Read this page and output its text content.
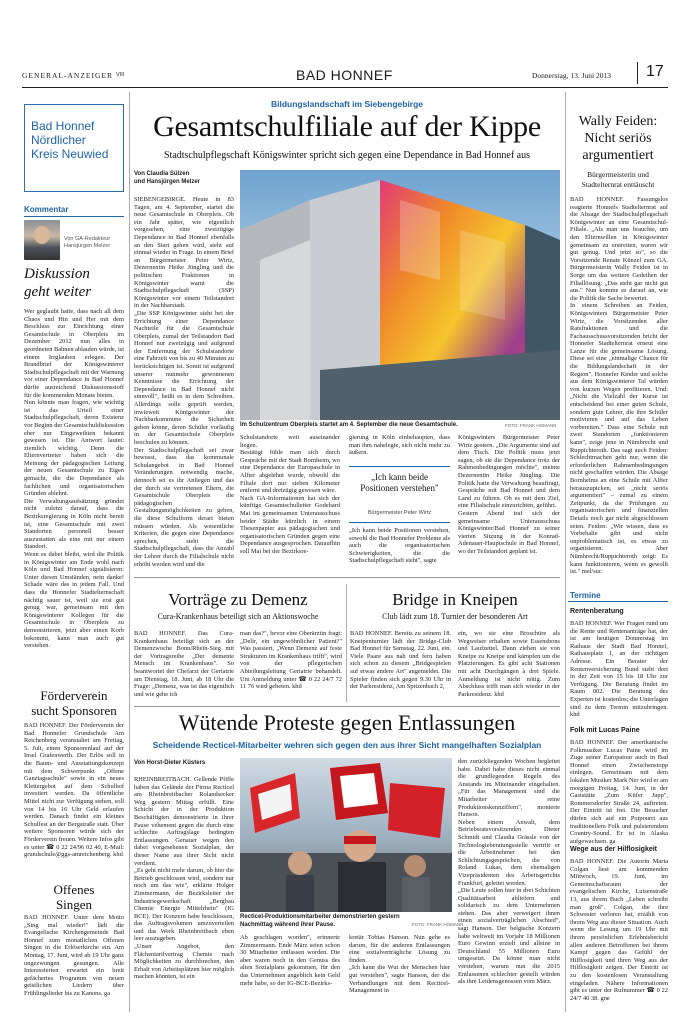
GENERAL-ANZEIGER VIII	BAD HONNEF	Donnerstag, 13. Juni 2013 17
Bad Honnef
Nördlicher
Kreis Neuwied
Kommentar
Von GA-Redakteur Hansjürgen Melzer
Diskussion
geht weiter
Wer geglaubt hatte, dass nach all dem Chaos und Hin und Her mit dem Beschluss zur Einrichtung einer Gesamtschule in Oberpleis im Dezember 2012 nun alles in geordneten Bahnen ablaufen würde, ist einem Irrglauben erlegen. Der Brandbrief der Königswinterer Stadtschulpflegschaft mit der Warnung vor einer Dependance in Bad Honnef dürfte ausreichend Diskussionsstoff für die kommenden Monate bieten.
Nun könnte man fragen, wie wichtig ist das Urteil einer Stadtschulpflegschaft, deren Existenz vor Beginn der Gesamtschuldiskussion eher nur Eingeweihten bekannt gewesen ist. Die Antwort lautet: ziemlich wichtig. Denn die Elternvertreter haben sich die Meinung der pädagogischen Leitung der neuen Gesamtschule zu Eigen gemacht, die die Dependance als fachlichen und organisatorischen Gründen ablehnt.
Die Verwaltungsaufsätzung gründet nicht zuletzt darauf, dass die Bezirksregierung in Köln nicht bereit ist, eine Gesamtschule mit zwei Standorten personell besser auszustatten als eine mit nur einem Standort.
Wenn es dabei bleibt, wird die Politik in Königswinter am Ende wohl nach Köln und Bad Honnef signalisieren: Unter diesen Umständen, nein danke! Schade wäre das in jedem Fall. Und dass die Honnefer Stadtelternschaft nächtig sauer ist, weil sie erst gut genug war, gemeinsam mit den Königswinterer Kollegen für die Gesamtschule in Oberpleis zu demonstrieren, jetzt aber einen Korb bekommt, kann man auch gut verstehen.
Förderverein
sucht Sponsoren
BAD HONNEF. Der Förderverein der Bad Honnefer Grundschule Am Reichenberg veranstaltet am Freitag, 5. Juli, einen Sponsorenlauf auf der Insel Grafenwerth. Der Erlös soll in die Baum- und Ausstattungskonzept mit dem Schwerpunkt „Offene Ganztagsschule" sowie in ein neues Klettergebot auf dem Schulhof investiert werden. Da öffentliche Mittel nicht zur Verfügung stehen, soll von 14 bis 16 Uhr Geld erlaufen werden. Danach findet ein kleines Schulfest an der Bergstraße statt. Über weitere Sponsoren würde sich der Förderverein freuen. Weitere Infos gibt es unter ☎ 0 22 24/96 02 40, E-Mail: grundschule@ggs-amreichenberg. khd
Offenes
Singen
BAD HONNEF. Unter dem Motto „Sing mal wieder!" lädt die Evangelische Kirchengemeinde Bad Honnef zum monatlichen Offenen Singen in die Erlöserkirche ein. Am Montag, 17. Juni, wird ab 19 Uhr ganz ungezwungen gesungen. Alle Interessierten erwartet ein breit gefächertes Programm von neuen geistlichen Liedern über Frühlingslieder bis zu Kanons. ga
Bildungslandschaft im Siebengebirge
Gesamtschulfiliale auf der Kippe
Stadtschulpflegschaft Königswinter spricht sich gegen eine Dependance in Bad Honnef aus
Von Claudia Sülzen
und Hansjürgen Melzer
SIEBENGEBIRGE. Heute in 83 Tagen, am 4. September, startet die neue Gesamtschule in Oberpleis. Ob ein Jahr später, wie eigentlich vorgesehen, eine zweizügige Dependance in Bad Honnef ebenfalls an den Start gehen wird, steht auf einmal wieder in Frage. In einem Brief an Bürgermeister Peter Wirtz, Dezernentin Heike Jüngling und die politischen Fraktionen in Königswinter warnt die Stadtschulpflegschaft (SSP) Königswinter vor einem Teilstandort in der Nachbarstadt.
„Die SSP Königswinter sieht bei der Errichtung einer Dependance Nachteile für die Gesamtschule Oberpleis, zumal der Teilstandort Bad Honnef nur zweizügig und aufgrund der Entfernung der Schulstandorte eine Fahrzeit von bis zu 40 Minuten zu berücksichtigen ist. Somit ist aufgrund unserer nunmehr gewonnenen Kenntnisse die Errichtung der Dependance in Bad Honnef nicht sinnvoll", heißt es in dem Schreiben. Allerdings solle geprüft werden, inwieweit Königswinter der Nachbarkommune die Sicherheit geben könne, deren Schüler vorläufig in der Gesamtschule Oberpleis beschulen zu können.
Der Stadtschulpflegschaft sei zwar bewusst, dass das kommunale Schulangebot in Bad Honnef Veränderungen notwendig mache, dennoch sei es ihr Anliegen und das der durch sie vertretenen Eltern, die Gesamtschule Oberpleis die pädagogischen Gestaltungsmöglichkeiten zu geben, die diese Schulform derart bieten müssen würden. Als wesentliche Kriterien, die gegen eine Dependance sprechen, sieht die Stadtschulpflegschaft, dass die Anzahl der Lehrer durch die Filialschule nicht erhöht werden wird und die
Im Schulzentrum Oberpleis startet am 4. September die neue Gesamtschule.	FOTO: FRANK HOMANN
Schulstandorte weit auseinander liegen.
Bestätigt fühle man sich durch Gespräche mit der Stadt Bornheim, wo eine Dependance der Europaschule in Alfter abgelehnt wurde, obwohl die Filiale dort nur sieben Kilometer entfernt und dreizügig gewesen wäre.
Nach GA-Informationen hat sich der künftige Gesamtschulleiter Godehard Mai im gemeinsamen Unterausschuss beider Städte kürzlich in einem Thesenpapier aus pädagogischen und organisatorischen Gründen gegen eine Dependance ausgesprochen. Daraufhin soll Mai bei der Bezirksre-
gierung in Köln einbehaupten, dass man ihm nahelegte, sich nicht mehr zu äußern.
„Ich kann beide Positionen verstehen"
Bürgermeister Peter Wirtz
„Ich kann beide Positionen verstehen, sowohl die Bad Honnefer Probleme als auch die organisatorischen Schwierigkeiten, die die Stadtschulpflegschaft sieht", sagte
Königswinters Bürgermeister Peter Wirtz gestern. „Die Argumente sind auf dem Tisch. Die Politik muss jetzt sagen, ob sie die Dependance trotz der Rahmenbedingungen möchte", meinte Dezernentin Heike Jüngling. Die Politik hatte die Verwaltung beauftragt, Gespräche mit Bad Honnef und dem Land zu führen. Ob es mit dem Ziel, eine Filialschule einzurichten, geführt.
Gestern Abend traf sich der gemeinsame Unterausschuss Königswinter/Bad Honnef zu seiner vierten Sitzung in der Konrad-Adenauer-Hauptschule in Bad Honnef, wo der Teilstandort geplant ist.
Wally Feiden:
Nicht seriös
argumentiert
Bürgermeisterin und
Stadtelternrat enttäuscht
BAD HONNEF. Fassungslos reagierte Honnefs Stadtelternrat auf die Absage der Stadtschulpflegschaft Königswinter an eine Gesamtschul-Filiale. „Als man uns brauchte, um den Elternwillen in Königswinter gemeinsam zu erstreiten, waren wir gut genug. Und jetzt so", so die Vorsitzende Renate Künzel zum GA. Bürgermeisterin Wally Feiden ist in Sorge um das weitere Gedeihen der Filiallösung: „Das steht gar nicht gut aus." Nun komme es darauf an, wie die Politik die Sache bewertet.
In einem Schreiben an Feiden, Königswinters Bürgermeister Peter Wirtz, die Vorsitzenden aller Ratsfraktionen und die Fachausschussvorsitzenden bricht der Honnefer Stadtelternrat erneut eine Lanze für die gemeinsame Lösung. Diese sei eine „einmalige Chance für die Bildungslandschaft in der Region". Honnefer Kinder und solche aus dem Königswinterer Tal würden von kurzen Wegen profitieren. Und: „Nicht die Vielzahl der Kurse ist entscheidend bei einer guten Schule, sondern gute Lehrer, die ihre Schüler motivieren und auf das Leben vorbereiten." Dass eine Schule mit zwei Standorten „funktionieren kann", zeige jene in Nümbrecht und Ruppichteroth. Das sagt auch Feiden: Schlechtmachen geht nur, wenn die erforderlichen Rahmenbedingungen nicht geschaffen würden. Die Absage Bornheims an eine Schule mit Alfter herauszupicken, sei „nicht seriös argumentiert" – zumal zu einem Zeitpunkt, da die Prüfungen zu organisatorischen und finanziellen Details noch gar nicht abgeschlossen seien. Feiden: „Wir wissen, dass es Vorbehalte gibt und nicht unproblematisch ist, es etwas zu organisieren. Aber Nümbrecht/Ruppichteroth zeigt: Es kann funktionieren, wenn es gewollt ist." mel/suc
Vorträge zu Demenz
Cura-Krankenhaus beteiligt sich an Aktionswoche
BAD HONNEF. Das Cura-Krankenhaus beteiligt sich an der Demenzwoche Bonn/Rhein-Sieg mit der Vortragsreihe „Der demente Mensch im Krankenhaus". So beantwortet der Chefarzt der Geriatrie am Dienstag, 18. Juni, ab 18 Uhr die Frage: „Demenz, was ist das eigentlich und wie gehe ich
man das?", bevor eine Oberärztin fragt: „Delir, ein ungewöhnlicher Patient?" Was passiert, „Wenn Demenz auf feste Strukturen im Krankenhaus trifft", wird von der pflegerischen Abteilungsleitung Geriatrie behandelt. Um Anmeldung unter ☎ 0 22 24/7 72 11 76 wird gebeten. khd
Bridge in Kneipen
Club lädt zum 18. Turnier der besonderen Art
BAD HONNEF. Bereits zu seinem 18. Kneipenturnier lädt der Bridge-Club Bad Honnef für Samstag, 22. Juni, ein. Viele Paare aus nah und fern haben sich schon zu diesem „Bridgespielen auf etwas andere Art" angemeldet. Die Spieler finden sich gegen 9.30 Uhr in der Parkresidenz, Am Spitzenbach 2,
ein, wo sie eine Broschüre als Wegweiser erhalten sowie Essensbons und Laufzettel. Dann ziehen sie von Kneipe zu Kneipe und kämpfen um die Platzierungen. Es gibt acht Stationen mit acht Durchgängen à drei Spiele. Anmeldung ist nicht nötig. Zum Abschluss trifft man sich wieder in der Parkresidenz. khd
Termine
Rentenberatung
BAD HONNEF. Wer Fragen rund um die Rente und Rentenanträge hat, der ist am heutigen Donnerstag im Rathaus der Stadt Bad Honnef, Rathausplatz 1, an der richtigen Adresse. Ein Berater der Rentenversicherung Bund steht dort in der Zeit von 15 bis 18 Uhr zur Verfügung. Die Beratung findet im Raum 002. Die Beratung des Experten ist kostenlos; die Unterlagen sind zu dem Termin mitzubringen. khd
Folk mit Lucas Paine
BAD HONNEF. Der amerikanische Folkmusiker Lucas Paine wird im Zuge seiner Europatour auch in Bad Honnef einen Zwischenstopp einlegen. Gemeinsam mit dem lokalen Musiker Mark Ner wird er am morgigen Freitag, 14. Juni, in der Gaststätte „Zum Küfer Jupp", Rommersdorfer Straße 24, auftreten. Der Eintritt ist frei. Die Besucher dürfen sich auf ein Potpourri aus traditionellem Folk und pulsierendem Country-Sound. Er ist in Alaska aufgewachsen. ga
Wege aus der Hilflosigkeit
BAD HONNEF. Die Autorin Maria Colgan liest am kommenden Mittwoch, 19. Juni, im Gemeinschaftsraum der evangelischen Kirche, Luisenstraße 13, aus ihrem Buch „Leben schreibt man groß". Colgan, die ihre Schwester verloren hat, erzählt von ihrem Weg aus dieser Situation. Auch wenn die Lesung um 19 Uhr mit ihrem persönlichen Erlebnisbericht allen anderen Betroffenen bei ihrem Kampf gegen das Gefühl der Hilflosigkeit und ihren Weg aus der Hilflosigkeit zeigen. Der Eintritt ist zu den kostenlosen Veranstaltung eingeladen. Nähere Informationen gibt es unter der Rufnummer ☎ 0 22 24/7 40 38. gne
Wütende Proteste gegen Entlassungen
Scheidende Recticel-Mitarbeiter wehren sich gegen den aus ihrer Sicht mangelhaften Sozialplan
Von Horst-Dieter Küsters
RHEINBREITBACH. Gellende Pfiffe haben das Gelände der Firma Recticel am Rheinbreitbacher Rolandsecker Weg gestern Mittag erfüllt. Eine Schicht der in der Produktion Beschäftigten demonstrierte in ihrer Pause vehement gegen die durch eine schlechte Auftragslage bedingten Entlassungen. Genauer wegen den dabei vorgesehenen Sozialplan, der dieser Name aus ihrer Sicht nicht verdient.
„Es geht nicht mehr darum, ob hier die Betrieb geschlossen wird, sondern nur noch um das wie", erklärte Holger Zimmermann, der Bezirksleiter der Industriegewerkschaft „Bergbau Chemie Energie Mittelrhein" (IG BCE). Der Konzern habe beschlossen, das Auftragsvolumen umzuverteilen und das Werk Rheinbreitbach eben leer auszugeben.
„Unser Angebot, den Flächentarifvertrag Chemie nach Möglichkeiten zu durchbrechen, den Erhalt von Arbeitsplätzen hier möglich machen könnten, ist ein
Recticel-Produktionsmitarbeiter demonstrierten gestern Nachmittag während ihrer Pause.	FOTO: FRANK HOMANN
Ab geschlagen worden", erinnerte Zimmermann. Ende März seien schon 30 Mitarbeiter entlassen worden. Die aber waren noch in den Genuss des alten Sozialplans gekommen, für den das Unternehmen angeblich kein Geld mehr habe, so der IG-BCE-Bezirks-
kretär Tobias Hanson. Nun gehe es darum, für die anderen Entlassungen eine sozialverträgliche Lösung zu finden.
„Ich kann die Wut der Menschen hier gut verstehen", sagte Hanson, der die Verhandlungen mit dem Recticel-Management in
den zurückliegenden Wochen begleitet habe. Dabei habe dieses nicht einmal die grundlegenden Regeln des Anstands im Miteinander eingehalten. „Für das Management sind die Mitarbeiter reine Produktionskennziffern", monierte Hanson.
Neben einem Anwalt, dem Betriebsratsvorsitzenden Dieter Schmidt und Claudia Grässle von der Technologieberatungsstelle vertritt er die Arbeitnehmer bei den Schlichtungsgesprächen, die von Roland Lukas, dem ehemaligen Vizepräsidenten des Arbeitsgerichts Frankfurt, geleitet werden.
„Die Leute sollen hier in drei Schichten Qualitätsarbeit abliefern und solidarisch zu dem Unternehmen stehen. Das aber verweigert ihnen einen sozialverträglichen Abschied", sagt Hanson. Der belgische Konzern habe weltweit im Vorjahr 18 Millionen Euro Gewinn erzielt und alleine in Deutschland 55 Millionen Euro umgesetzt. Da könne man nicht verstehen, warum nun die 2015 Entlassenen schlechter gestellt würden als ihre Leidensgenossen vom März.
